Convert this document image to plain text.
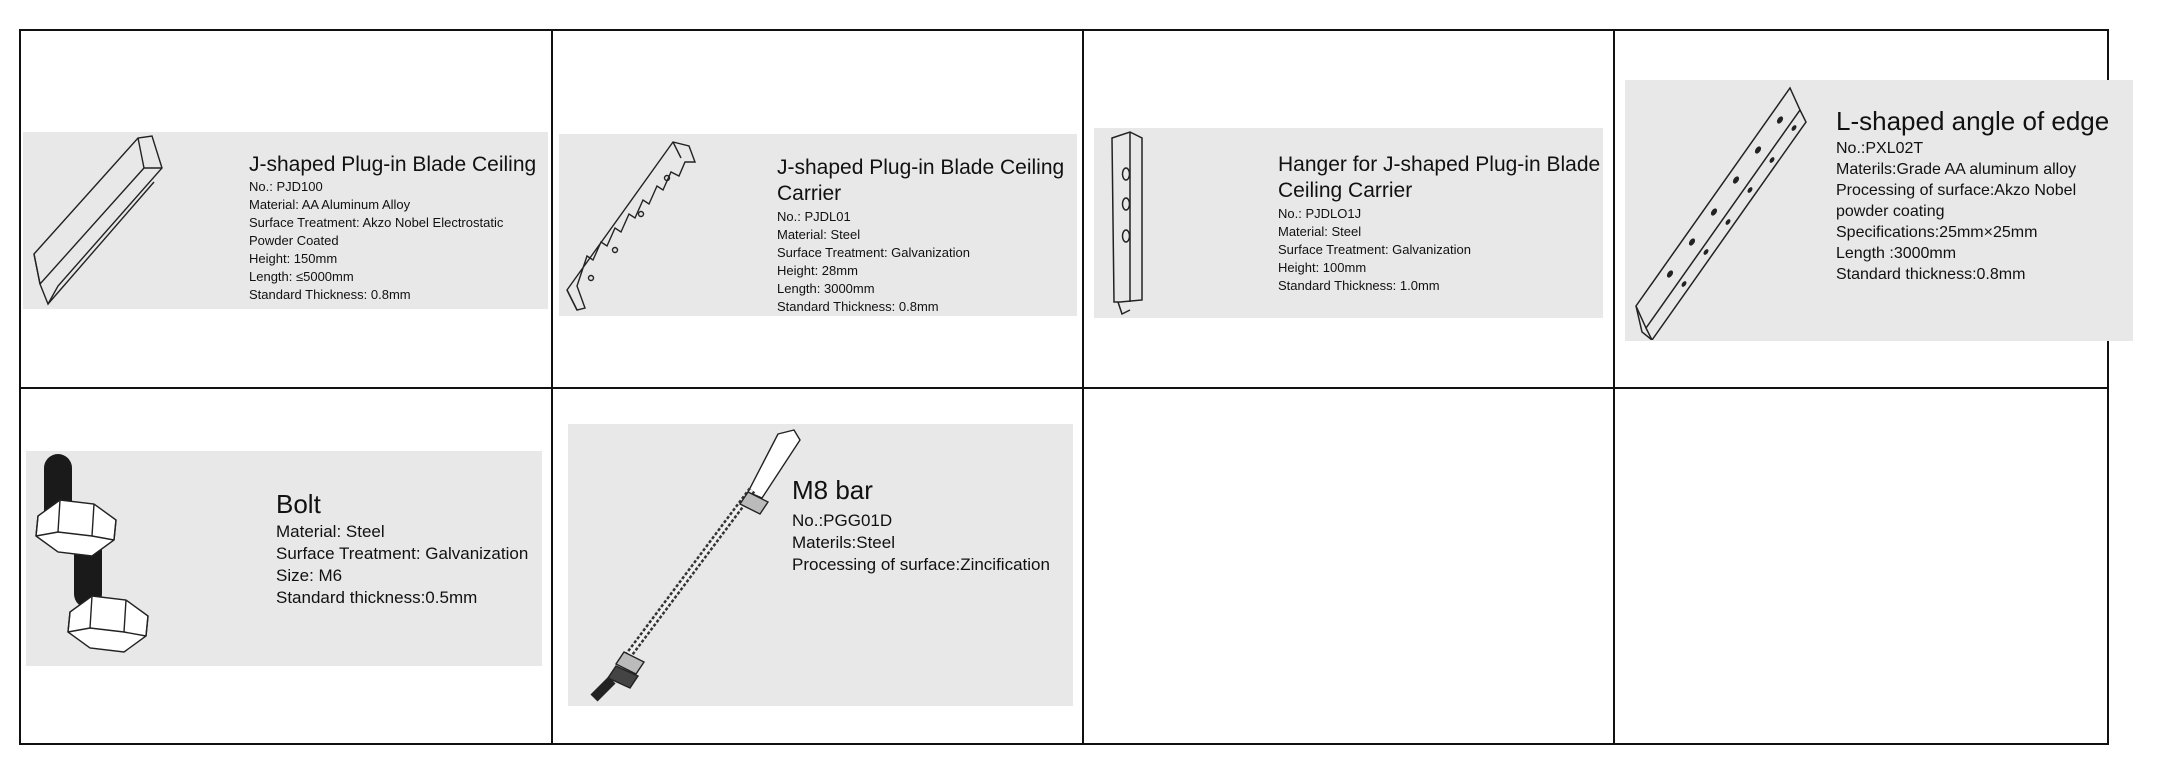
J-shaped Plug-in Blade Ceiling
No.: PJD100
Material: AA Aluminum Alloy
Surface Treatment: Akzo Nobel Electrostatic
Powder Coated
Height: 150mm
Length: ≤5000mm
Standard Thickness: 0.8mm
J-shaped Plug-in Blade Ceiling
Carrier
No.: PJDL01
Material: Steel
Surface Treatment: Galvanization
Height: 28mm
Length: 3000mm
Standard Thickness: 0.8mm
Hanger for J-shaped Plug-in Blade
Ceiling Carrier
No.: PJDLO1J
Material: Steel
Surface Treatment: Galvanization
Height: 100mm
Standard Thickness: 1.0mm
L-shaped angle of edge
No.:PXL02T
Materils:Grade AA aluminum alloy
Processing of surface:Akzo Nobel
powder coating
Specifications:25mm×25mm
Length :3000mm
Standard thickness:0.8mm
Bolt
Material: Steel
Surface Treatment: Galvanization
Size: M6
Standard thickness:0.5mm
M8 bar
No.:PGG01D
Materils:Steel
Processing of surface:Zincification
